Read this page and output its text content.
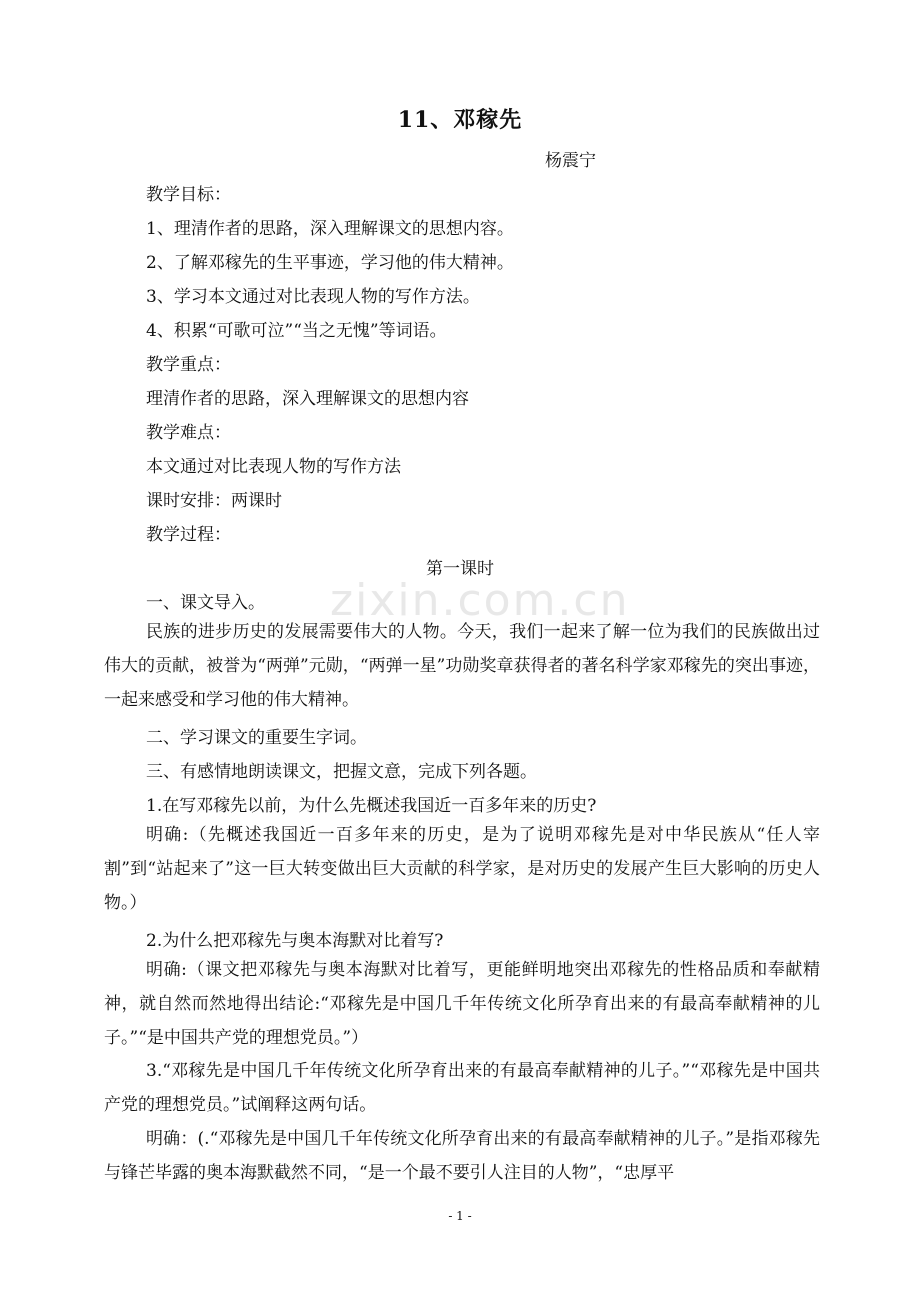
zixin.com.cn
11、邓稼先
杨震宁
教学目标：
1、理清作者的思路，深入理解课文的思想内容。
2、了解邓稼先的生平事迹，学习他的伟大精神。
3、学习本文通过对比表现人物的写作方法。
4、积累“可歌可泣”“当之无愧”等词语。
教学重点：
理清作者的思路，深入理解课文的思想内容
教学难点：
本文通过对比表现人物的写作方法
课时安排：两课时
教学过程：
第一课时
一、课文导入。
民族的进步历史的发展需要伟大的人物。今天，我们一起来了解一位为我们的民族做出过伟大的贡献，被誉为“两弹”元勋，“两弹一星”功勋奖章获得者的著名科学家邓稼先的突出事迹，一起来感受和学习他的伟大精神。
二、学习课文的重要生字词。
三、有感情地朗读课文，把握文意，完成下列各题。
1.在写邓稼先以前，为什么先概述我国近一百多年来的历史?
明确:（先概述我国近一百多年来的历史，是为了说明邓稼先是对中华民族从“任人宰割”到“站起来了”这一巨大转变做出巨大贡献的科学家，是对历史的发展产生巨大影响的历史人物。）
2.为什么把邓稼先与奥本海默对比着写?
明确:（课文把邓稼先与奥本海默对比着写，更能鲜明地突出邓稼先的性格品质和奉献精神，就自然而然地得出结论:“邓稼先是中国几千年传统文化所孕育出来的有最高奉献精神的儿子。”“是中国共产党的理想党员。”）
3.“邓稼先是中国几千年传统文化所孕育出来的有最高奉献精神的儿子。”“邓稼先是中国共产党的理想党员。”试阐释这两句话。
明确：(.“邓稼先是中国几千年传统文化所孕育出来的有最高奉献精神的儿子。”是指邓稼先与锋芒毕露的奥本海默截然不同，“是一个最不要引人注目的人物”，“忠厚平
- 1 -
